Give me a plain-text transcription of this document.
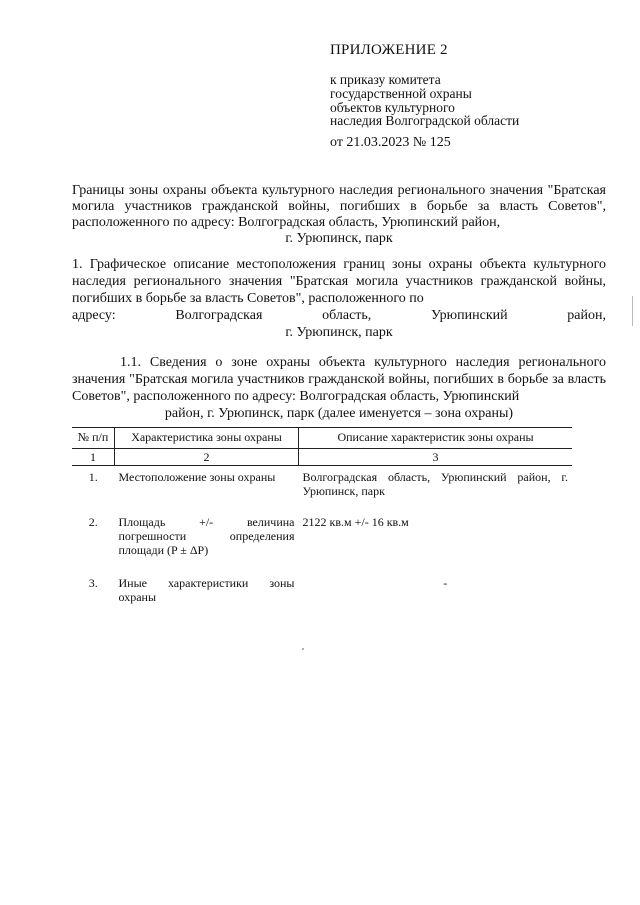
ПРИЛОЖЕНИЕ 2
к приказу комитета
государственной охраны
объектов культурного
наследия Волгоградской области
от 21.03.2023 № 125
Границы зоны охраны объекта культурного наследия регионального значения "Братская могила участников гражданской войны, погибших в борьбе за власть Советов", расположенного по адресу: Волгоградская область, Урюпинский район,
г. Урюпинск, парк
1. Графическое описание местоположения границ зоны охраны объекта культурного наследия регионального значения "Братская могила участников гражданской войны, погибших в борьбе за власть Советов", расположенного по
адресу:	Волгоградская	область,	Урюпинский	район,
г. Урюпинск, парк
1.1. Сведения о зоне охраны объекта культурного наследия регионального значения "Братская могила участников гражданской войны, погибших в борьбе за власть Советов", расположенного по адресу: Волгоградская область, Урюпинский
район, г. Урюпинск, парк (далее именуется – зона охраны)
№ п/п	Характеристика зоны охраны	Описание характеристик зоны охраны
1	2	3
1.	Местоположение зоны охраны	Волгоградская область, Урюпинский район, г. Урюпинск, парк
2.	Площадь +/- величина погрешности определения площади (P ± ΔP)	2122 кв.м +/- 16 кв.м
3.	Иные характеристики зоны охраны	-
